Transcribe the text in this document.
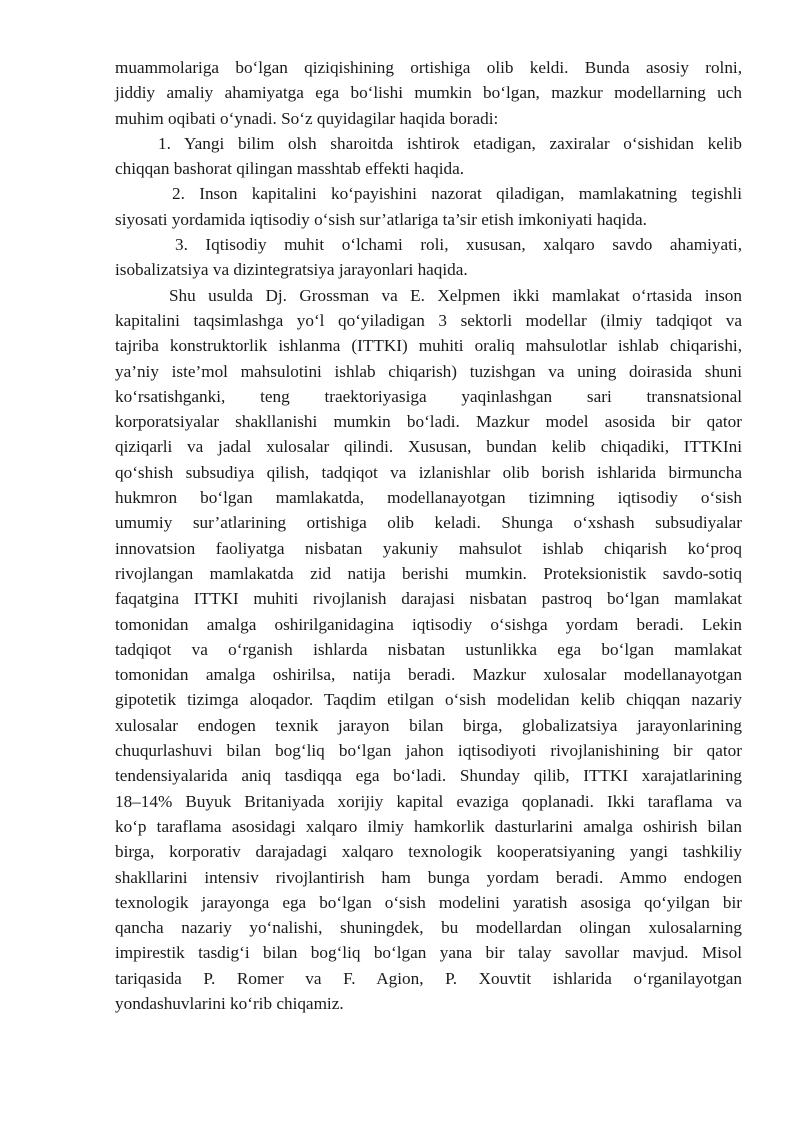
muammolariga bo‘lgan qiziqishining ortishiga olib keldi. Bunda asosiy rolni,
jiddiy amaliy ahamiyatga ega bo‘lishi mumkin bo‘lgan, mazkur modellarning uch
muhim oqibati o‘ynadi. So‘z quyidagilar haqida boradi:
1. Yangi bilim olsh sharoitda ishtirok etadigan, zaxiralar o‘sishidan kelib
chiqqan bashorat qilingan masshtab effekti haqida.
2. Inson kapitalini ko‘payishini nazorat qiladigan, mamlakatning tegishli
siyosati yordamida iqtisodiy o‘sish sur’atlariga ta’sir etish imkoniyati haqida.
3. Iqtisodiy muhit o‘lchami roli, xususan, xalqaro savdo ahamiyati,
isobalizatsiya va dizintegratsiya jarayonlari haqida.
Shu usulda Dj. Grossman va E. Xelpmen ikki mamlakat o‘rtasida inson
kapitalini taqsimlashga yo‘l qo‘yiladigan 3 sektorli modellar (ilmiy tadqiqot va
tajriba konstruktorlik ishlanma (ITTKI) muhiti oraliq mahsulotlar ishlab chiqarishi,
ya’niy iste’mol mahsulotini ishlab chiqarish) tuzishgan va uning doirasida shuni
ko‘rsatishganki, teng traektoriyasiga yaqinlashgan sari transnatsional
korporatsiyalar shakllanishi mumkin bo‘ladi. Mazkur model asosida bir qator
qiziqarli va jadal xulosalar qilindi. Xususan, bundan kelib chiqadiki, ITTKIni
qo‘shish subsudiya qilish, tadqiqot va izlanishlar olib borish ishlarida birmuncha
hukmron bo‘lgan mamlakatda, modellanayotgan tizimning iqtisodiy o‘sish
umumiy sur’atlarining ortishiga olib keladi. Shunga o‘xshash subsudiyalar
innovatsion faoliyatga nisbatan yakuniy mahsulot ishlab chiqarish ko‘proq
rivojlangan mamlakatda zid natija berishi mumkin. Proteksionistik savdo-sotiq
faqatgina ITTKI muhiti rivojlanish darajasi nisbatan pastroq bo‘lgan mamlakat
tomonidan amalga oshirilganidagina iqtisodiy o‘sishga yordam beradi. Lekin
tadqiqot va o‘rganish ishlarda nisbatan ustunlikka ega bo‘lgan mamlakat
tomonidan amalga oshirilsa, natija beradi. Mazkur xulosalar modellanayotgan
gipotetik tizimga aloqador. Taqdim etilgan o‘sish modelidan kelib chiqqan nazariy
xulosalar endogen texnik jarayon bilan birga, globalizatsiya jarayonlarining
chuqurlashuvi bilan bog‘liq bo‘lgan jahon iqtisodiyoti rivojlanishining bir qator
tendensiyalarida aniq tasdiqqa ega bo‘ladi. Shunday qilib, ITTKI xarajatlarining
18–14% Buyuk Britaniyada xorijiy kapital evaziga qoplanadi. Ikki taraflama va
ko‘p taraflama asosidagi xalqaro ilmiy hamkorlik dasturlarini amalga oshirish bilan
birga, korporativ darajadagi xalqaro texnologik kooperatsiyaning yangi tashkiliy
shakllarini intensiv rivojlantirish ham bunga yordam beradi. Ammo endogen
texnologik jarayonga ega bo‘lgan o‘sish modelini yaratish asosiga qo‘yilgan bir
qancha nazariy yo‘nalishi, shuningdek, bu modellardan olingan xulosalarning
impirestik tasdig‘i bilan bog‘liq bo‘lgan yana bir talay savollar mavjud. Misol
tariqasida P. Romer va F. Agion, P. Xouvtit ishlarida o‘rganilayotgan
yondashuvlarini ko‘rib chiqamiz.
